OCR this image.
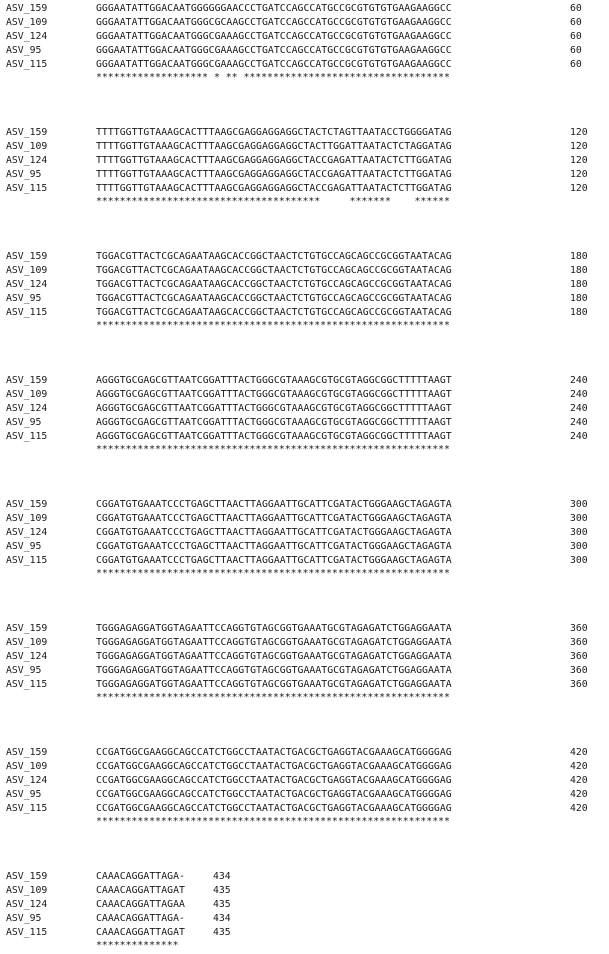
ASV_159	GGGAATATTGGACAATGGGGGGAACCCTGATCCAGCCATGCCGCGTGTGTGAAGAAGGCC	60
ASV_109	GGGAATATTGGACAATGGGCGCAAGCCTGATCCAGCCATGCCGCGTGTGTGAAGAAGGCC	60
ASV_124	GGGAATATTGGACAATGGGCGAAAGCCTGATCCAGCCATGCCGCGTGTGTGAAGAAGGCC	60
ASV_95	GGGAATATTGGACAATGGGCGAAAGCCTGATCCAGCCATGCCGCGTGTGTGAAGAAGGCC	60
ASV_115	GGGAATATTGGACAATGGGCGAAAGCCTGATCCAGCCATGCCGCGTGTGTGAAGAAGGCC	60
******************* * ** ***********************************
ASV_159	TTTTGGTTGTAAAGCACTTTAAGCGAGGAGGAGGCTACTCTAGTTAATACCTGGGGATAG	120
ASV_109	TTTTGGTTGTAAAGCACTTTAAGCGAGGAGGAGGCTACTTGGATTAATACTCTAGGATAG	120
ASV_124	TTTTGGTTGTAAAGCACTTTAAGCGAGGAGGAGGCTACCGAGATTAATACTCTTGGATAG	120
ASV_95	TTTTGGTTGTAAAGCACTTTAAGCGAGGAGGAGGCTACCGAGATTAATACTCTTGGATAG	120
ASV_115	TTTTGGTTGTAAAGCACTTTAAGCGAGGAGGAGGCTACCGAGATTAATACTCTTGGATAG	120
**************************************     *******    ******
ASV_159	TGGACGTTACTCGCAGAATAAGCACCGGCTAACTCTGTGCCAGCAGCCGCGGTAATACAG	180
ASV_109	TGGACGTTACTCGCAGAATAAGCACCGGCTAACTCTGTGCCAGCAGCCGCGGTAATACAG	180
ASV_124	TGGACGTTACTCGCAGAATAAGCACCGGCTAACTCTGTGCCAGCAGCCGCGGTAATACAG	180
ASV_95	TGGACGTTACTCGCAGAATAAGCACCGGCTAACTCTGTGCCAGCAGCCGCGGTAATACAG	180
ASV_115	TGGACGTTACTCGCAGAATAAGCACCGGCTAACTCTGTGCCAGCAGCCGCGGTAATACAG	180
************************************************************
ASV_159	AGGGTGCGAGCGTTAATCGGATTTACTGGGCGTAAAGCGTGCGTAGGCGGCTTTTTAAGT	240
ASV_109	AGGGTGCGAGCGTTAATCGGATTTACTGGGCGTAAAGCGTGCGTAGGCGGCTTTTTAAGT	240
ASV_124	AGGGTGCGAGCGTTAATCGGATTTACTGGGCGTAAAGCGTGCGTAGGCGGCTTTTTAAGT	240
ASV_95	AGGGTGCGAGCGTTAATCGGATTTACTGGGCGTAAAGCGTGCGTAGGCGGCTTTTTAAGT	240
ASV_115	AGGGTGCGAGCGTTAATCGGATTTACTGGGCGTAAAGCGTGCGTAGGCGGCTTTTTAAGT	240
************************************************************
ASV_159	CGGATGTGAAATCCCTGAGCTTAACTTAGGAATTGCATTCGATACTGGGAAGCTAGAGTA	300
ASV_109	CGGATGTGAAATCCCTGAGCTTAACTTAGGAATTGCATTCGATACTGGGAAGCTAGAGTA	300
ASV_124	CGGATGTGAAATCCCTGAGCTTAACTTAGGAATTGCATTCGATACTGGGAAGCTAGAGTA	300
ASV_95	CGGATGTGAAATCCCTGAGCTTAACTTAGGAATTGCATTCGATACTGGGAAGCTAGAGTA	300
ASV_115	CGGATGTGAAATCCCTGAGCTTAACTTAGGAATTGCATTCGATACTGGGAAGCTAGAGTA	300
************************************************************
ASV_159	TGGGAGAGGATGGTAGAATTCCAGGTGTAGCGGTGAAATGCGTAGAGATCTGGAGGAATA	360
ASV_109	TGGGAGAGGATGGTAGAATTCCAGGTGTAGCGGTGAAATGCGTAGAGATCTGGAGGAATA	360
ASV_124	TGGGAGAGGATGGTAGAATTCCAGGTGTAGCGGTGAAATGCGTAGAGATCTGGAGGAATA	360
ASV_95	TGGGAGAGGATGGTAGAATTCCAGGTGTAGCGGTGAAATGCGTAGAGATCTGGAGGAATA	360
ASV_115	TGGGAGAGGATGGTAGAATTCCAGGTGTAGCGGTGAAATGCGTAGAGATCTGGAGGAATA	360
************************************************************
ASV_159	CCGATGGCGAAGGCAGCCATCTGGCCTAATACTGACGCTGAGGTACGAAAGCATGGGGAG	420
ASV_109	CCGATGGCGAAGGCAGCCATCTGGCCTAATACTGACGCTGAGGTACGAAAGCATGGGGAG	420
ASV_124	CCGATGGCGAAGGCAGCCATCTGGCCTAATACTGACGCTGAGGTACGAAAGCATGGGGAG	420
ASV_95	CCGATGGCGAAGGCAGCCATCTGGCCTAATACTGACGCTGAGGTACGAAAGCATGGGGAG	420
ASV_115	CCGATGGCGAAGGCAGCCATCTGGCCTAATACTGACGCTGAGGTACGAAAGCATGGGGAG	420
************************************************************
ASV_159	CAAACAGGATTAGA-	434
ASV_109	CAAACAGGATTAGAT	435
ASV_124	CAAACAGGATTAGAA	435
ASV_95	CAAACAGGATTAGA-	434
ASV_115	CAAACAGGATTAGAT	435
**************
